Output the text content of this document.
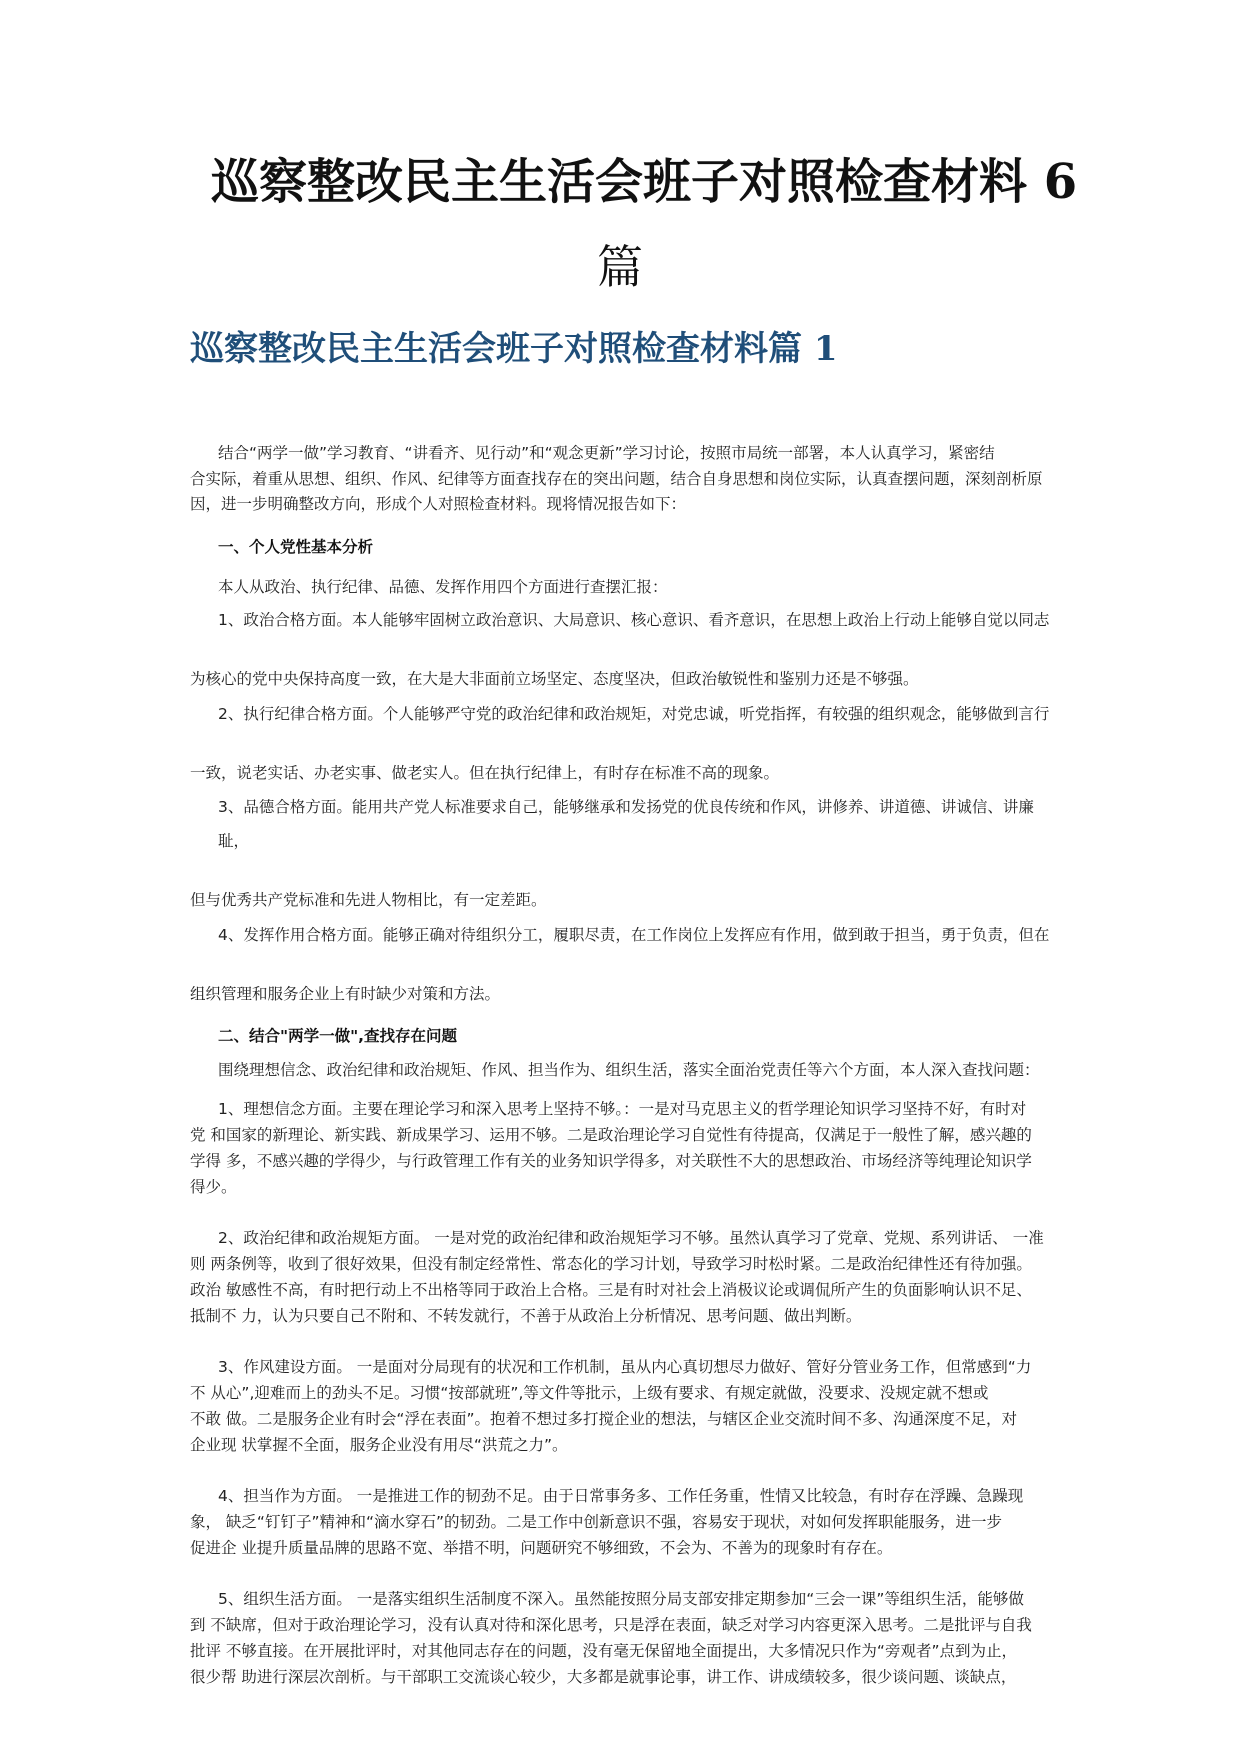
巡察整改民主生活会班子对照检查材料 6
篇
巡察整改民主生活会班子对照检查材料篇 1
结合“两学一做”学习教育、“讲看齐、见行动”和“观念更新”学习讨论，按照市局统一部署，本人认真学习，紧密结
合实际，着重从思想、组织、作风、纪律等方面查找存在的突出问题，结合自身思想和岗位实际，认真查摆问题，深刻剖析原
因，进一步明确整改方向，形成个人对照检查材料。现将情况报告如下：
一、个人党性基本分析
本人从政治、执行纪律、品德、发挥作用四个方面进行查摆汇报：
1、政治合格方面。本人能够牢固树立政治意识、大局意识、核心意识、看齐意识，在思想上政治上行动上能够自觉以同志
为核心的党中央保持高度一致，在大是大非面前立场坚定、态度坚决，但政治敏锐性和鉴别力还是不够强。
2、执行纪律合格方面。个人能够严守党的政治纪律和政治规矩，对党忠诚，听党指挥，有较强的组织观念，能够做到言行
一致，说老实话、办老实事、做老实人。但在执行纪律上，有时存在标准不高的现象。
3、品德合格方面。能用共产党人标准要求自己，能够继承和发扬党的优良传统和作风，讲修养、讲道德、讲诚信、讲廉
耻，
但与优秀共产党标准和先进人物相比，有一定差距。
4、发挥作用合格方面。能够正确对待组织分工，履职尽责，在工作岗位上发挥应有作用，做到敢于担当，勇于负责，但在
组织管理和服务企业上有时缺少对策和方法。
二、结合"两学一做",查找存在问题
围绕理想信念、政治纪律和政治规矩、作风、担当作为、组织生活，落实全面治党责任等六个方面，本人深入查找问题：
1、理想信念方面。主要在理论学习和深入思考上坚持不够。：一是对马克思主义的哲学理论知识学习坚持不好，有时对
党 和国家的新理论、新实践、新成果学习、运用不够。二是政治理论学习自觉性有待提高，仅满足于一般性了解，感兴趣的
学得 多，不感兴趣的学得少，与行政管理工作有关的业务知识学得多，对关联性不大的思想政治、市场经济等纯理论知识学
得少。
2、政治纪律和政治规矩方面。 一是对党的政治纪律和政治规矩学习不够。虽然认真学习了党章、党规、系列讲话、 一准
则 两条例等，收到了很好效果，但没有制定经常性、常态化的学习计划，导致学习时松时紧。二是政治纪律性还有待加强。
政治 敏感性不高，有时把行动上不出格等同于政治上合格。三是有时对社会上消极议论或调侃所产生的负面影响认识不足、
抵制不 力，认为只要自己不附和、不转发就行，不善于从政治上分析情况、思考问题、做出判断。
3、作风建设方面。 一是面对分局现有的状况和工作机制，虽从内心真切想尽力做好、管好分管业务工作，但常感到“力
不 从心”,迎难而上的劲头不足。习惯“按部就班”,等文件等批示，上级有要求、有规定就做，没要求、没规定就不想或
不敢 做。二是服务企业有时会“浮在表面”。抱着不想过多打搅企业的想法，与辖区企业交流时间不多、沟通深度不足，对
企业现 状掌握不全面，服务企业没有用尽“洪荒之力”。
4、担当作为方面。 一是推进工作的韧劲不足。由于日常事务多、工作任务重，性情又比较急，有时存在浮躁、急躁现
象， 缺乏“钉钉子”精神和“滴水穿石”的韧劲。二是工作中创新意识不强，容易安于现状，对如何发挥职能服务，进一步
促进企 业提升质量品牌的思路不宽、举措不明，问题研究不够细致，不会为、不善为的现象时有存在。
5、组织生活方面。 一是落实组织生活制度不深入。虽然能按照分局支部安排定期参加“三会一课”等组织生活，能够做
到 不缺席，但对于政治理论学习，没有认真对待和深化思考，只是浮在表面，缺乏对学习内容更深入思考。二是批评与自我
批评 不够直接。在开展批评时，对其他同志存在的问题，没有毫无保留地全面提出，大多情况只作为“旁观者”点到为止，
很少帮 助进行深层次剖析。与干部职工交流谈心较少，大多都是就事论事，讲工作、讲成绩较多，很少谈问题、谈缺点，
